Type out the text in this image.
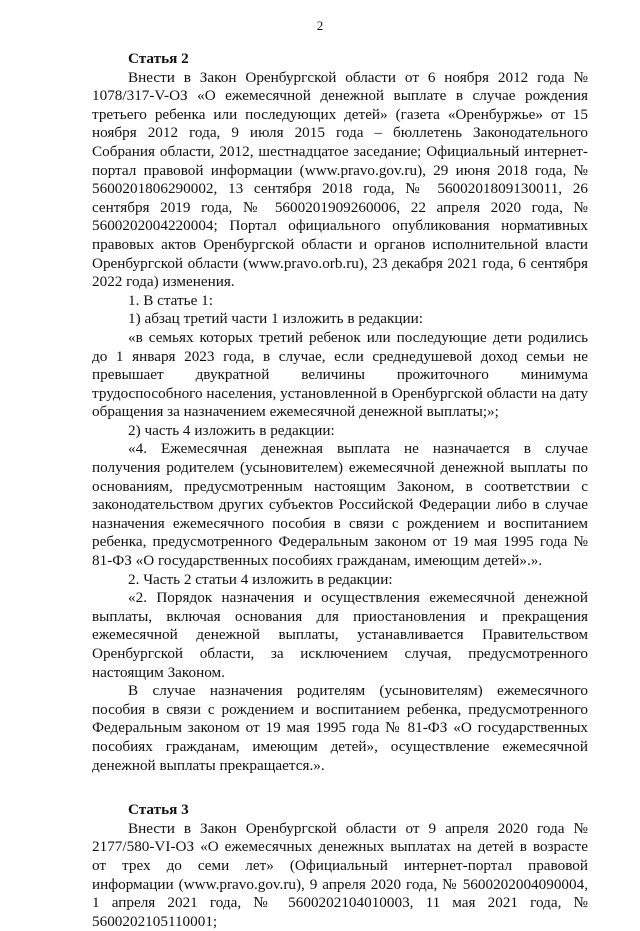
2

Статья 2

Внести в Закон Оренбургской области от 6 ноября 2012 года № 1078/317-V-ОЗ «О ежемесячной денежной выплате в случае рождения третьего ребенка или последующих детей» (газета «Оренбуржье» от 15 ноября 2012 года, 9 июля 2015 года – бюллетень Законодательного Собрания области, 2012, шестнадцатое заседание; Официальный интернет-портал правовой информации (www.pravo.gov.ru), 29 июня 2018 года, № 5600201806290002, 13 сентября 2018 года, № 5600201809130011, 26 сентября 2019 года, № 5600201909260006, 22 апреля 2020 года, № 5600202004220004; Портал официального опубликования нормативных правовых актов Оренбургской области и органов исполнительной власти Оренбургской области (www.pravo.orb.ru), 23 декабря 2021 года, 6 сентября 2022 года) изменения.

1. В статье 1:

1) абзац третий части 1 изложить в редакции:

«в семьях которых третий ребенок или последующие дети родились до 1 января 2023 года, в случае, если среднедушевой доход семьи не превышает двукратной величины прожиточного минимума трудоспособного населения, установленной в Оренбургской области на дату обращения за назначением ежемесячной денежной выплаты;»;

2) часть 4 изложить в редакции:

«4. Ежемесячная денежная выплата не назначается в случае получения родителем (усыновителем) ежемесячной денежной выплаты по основаниям, предусмотренным настоящим Законом, в соответствии с законодательством других субъектов Российской Федерации либо в случае назначения ежемесячного пособия в связи с рождением и воспитанием ребенка, предусмотренного Федеральным законом от 19 мая 1995 года № 81-ФЗ «О государственных пособиях гражданам, имеющим детей».».

2. Часть 2 статьи 4 изложить в редакции:

«2. Порядок назначения и осуществления ежемесячной денежной выплаты, включая основания для приостановления и прекращения ежемесячной денежной выплаты, устанавливается Правительством Оренбургской области, за исключением случая, предусмотренного настоящим Законом.

В случае назначения родителям (усыновителям) ежемесячного пособия в связи с рождением и воспитанием ребенка, предусмотренного Федеральным законом от 19 мая 1995 года № 81-ФЗ «О государственных пособиях гражданам, имеющим детей», осуществление ежемесячной денежной выплаты прекращается.».

Статья 3

Внести в Закон Оренбургской области от 9 апреля 2020 года № 2177/580-VI-ОЗ «О ежемесячных денежных выплатах на детей в возрасте от трех до семи лет» (Официальный интернет-портал правовой информации (www.pravo.gov.ru), 9 апреля 2020 года, № 5600202004090004, 1 апреля 2021 года, № 5600202104010003, 11 мая 2021 года, № 5600202105110001;
